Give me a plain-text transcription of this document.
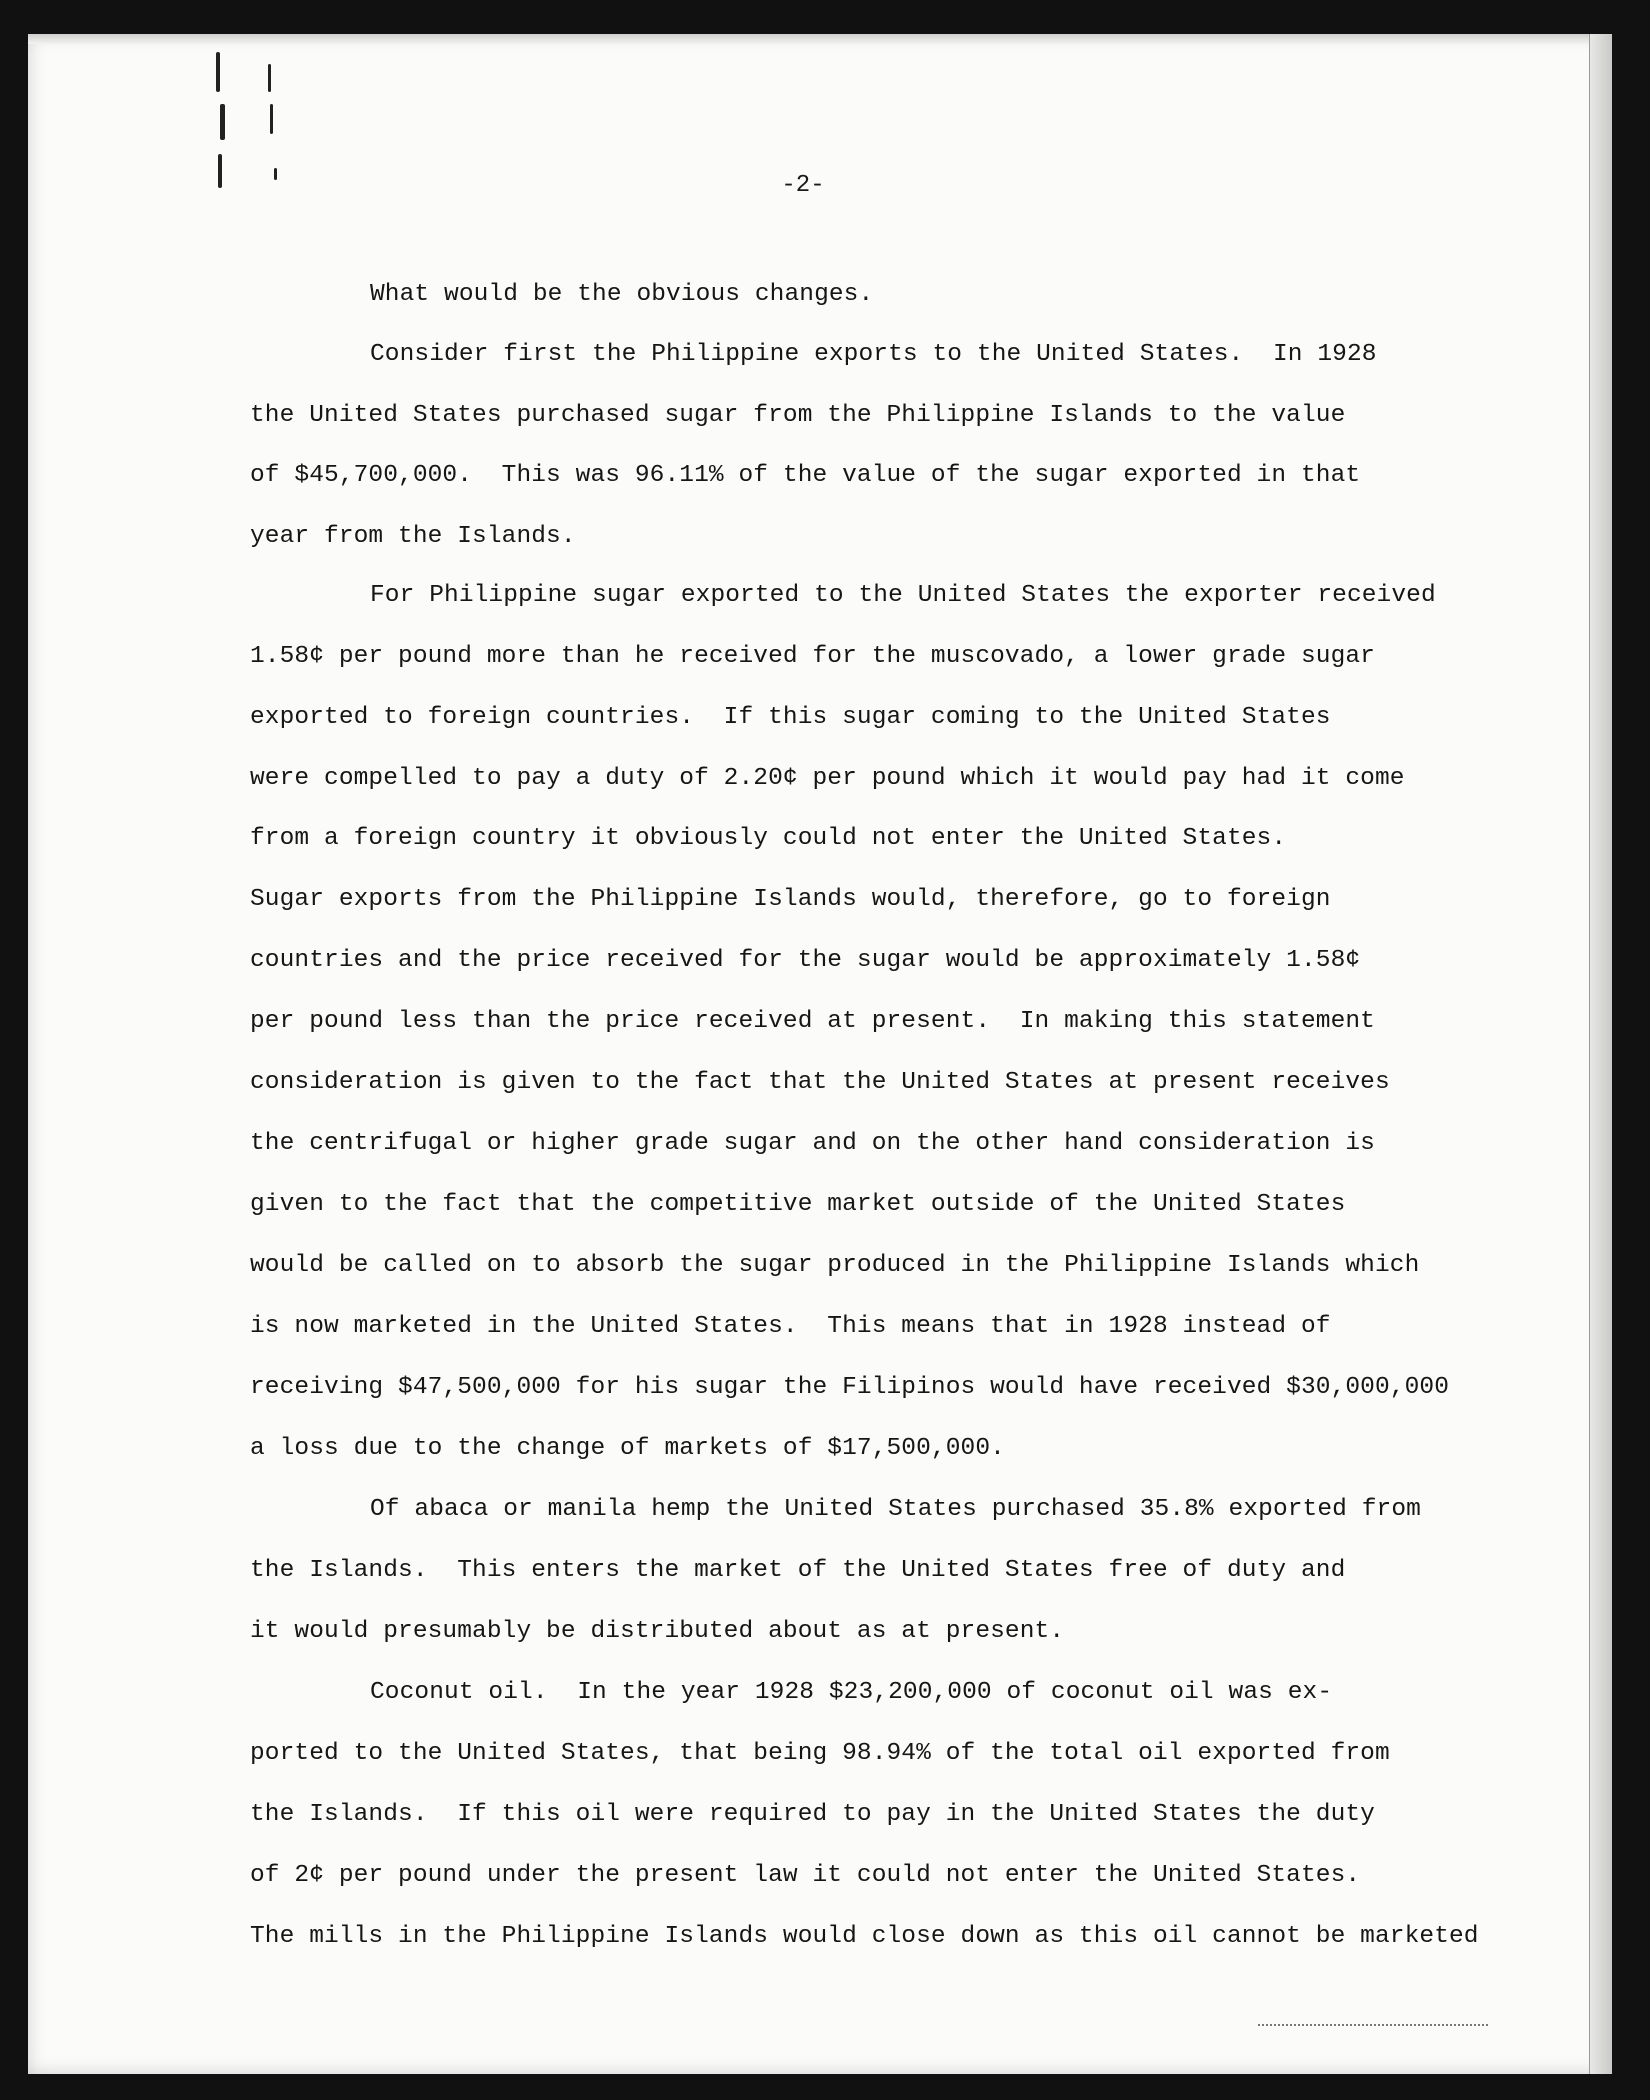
-2-
What would be the obvious changes.
Consider first the Philippine exports to the United States.  In 1928
the United States purchased sugar from the Philippine Islands to the value
of $45,700,000.  This was 96.11% of the value of the sugar exported in that
year from the Islands.
For Philippine sugar exported to the United States the exporter received
1.58¢ per pound more than he received for the muscovado, a lower grade sugar
exported to foreign countries.  If this sugar coming to the United States
were compelled to pay a duty of 2.20¢ per pound which it would pay had it come
from a foreign country it obviously could not enter the United States.
Sugar exports from the Philippine Islands would, therefore, go to foreign
countries and the price received for the sugar would be approximately 1.58¢
per pound less than the price received at present.  In making this statement
consideration is given to the fact that the United States at present receives
the centrifugal or higher grade sugar and on the other hand consideration is
given to the fact that the competitive market outside of the United States
would be called on to absorb the sugar produced in the Philippine Islands which
is now marketed in the United States.  This means that in 1928 instead of
receiving $47,500,000 for his sugar the Filipinos would have received $30,000,000
a loss due to the change of markets of $17,500,000.
Of abaca or manila hemp the United States purchased 35.8% exported from
the Islands.  This enters the market of the United States free of duty and
it would presumably be distributed about as at present.
Coconut oil.  In the year 1928 $23,200,000 of coconut oil was ex-
ported to the United States, that being 98.94% of the total oil exported from
the Islands.  If this oil were required to pay in the United States the duty
of 2¢ per pound under the present law it could not enter the United States.
The mills in the Philippine Islands would close down as this oil cannot be marketed
